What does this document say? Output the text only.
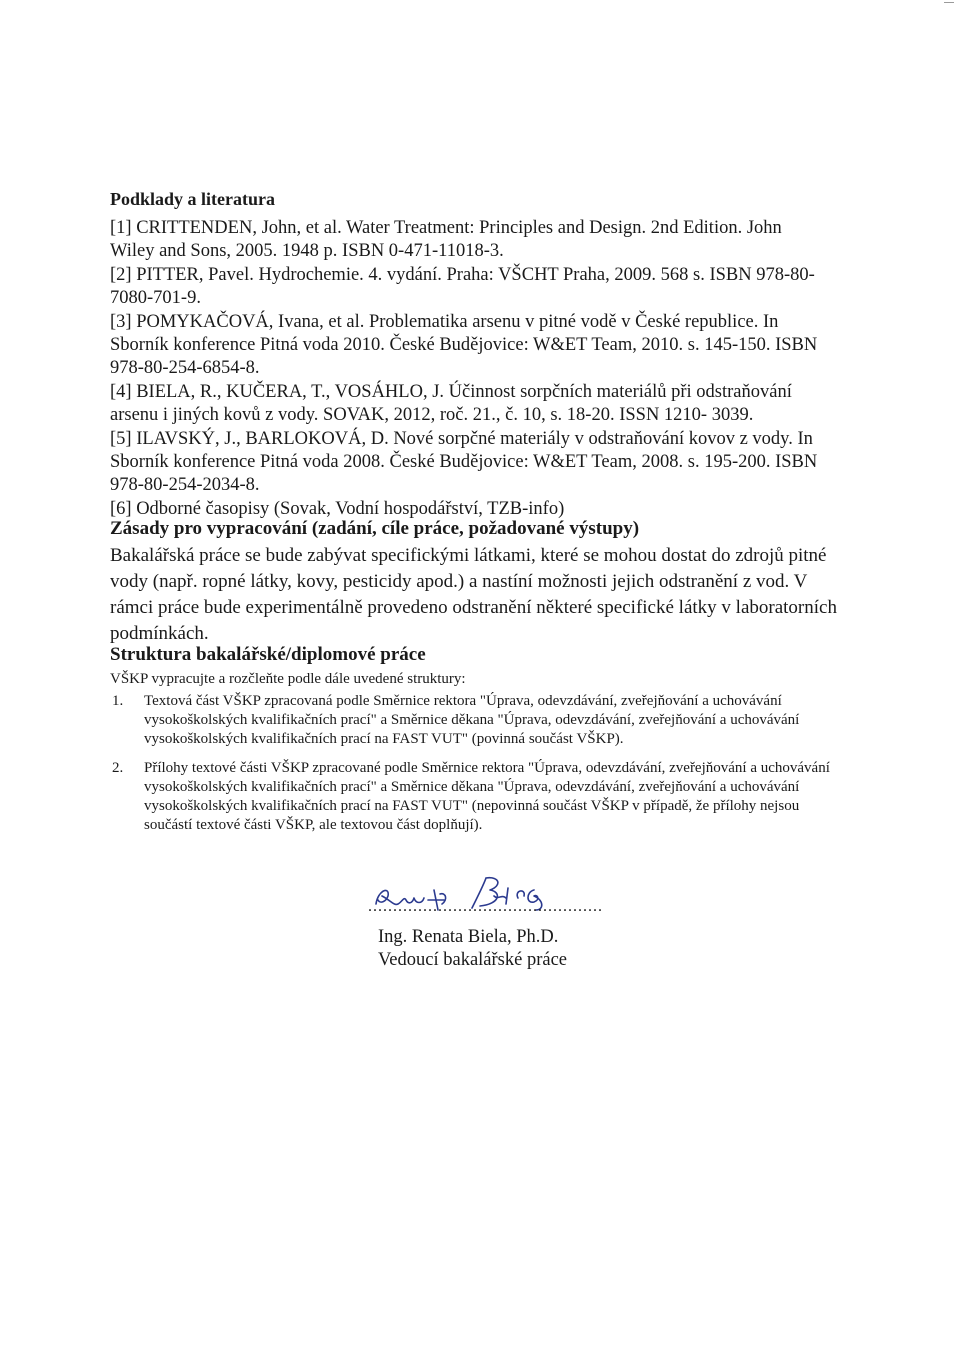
Podklady a literatura

[1] CRITTENDEN, John, et al. Water Treatment: Principles and Design. 2nd Edition. John Wiley and Sons, 2005. 1948 p. ISBN 0-471-11018-3.

[2] PITTER, Pavel. Hydrochemie. 4. vydání. Praha: VŠCHT Praha, 2009. 568 s. ISBN 978-80-7080-701-9.

[3] POMYKAČOVÁ, Ivana, et al. Problematika arsenu v pitné vodě v České republice. In Sborník konference Pitná voda 2010. České Budějovice: W&ET Team, 2010. s. 145-150. ISBN 978-80-254-6854-8.

[4] BIELA, R., KUČERA, T., VOSÁHLO, J. Účinnost sorpčních materiálů při odstraňování arsenu i jiných kovů z vody. SOVAK, 2012, roč. 21., č. 10, s. 18-20. ISSN 1210- 3039.

[5] ILAVSKÝ, J., BARLOKOVÁ, D. Nové sorpčné materiály v odstraňování kovov z vody. In Sborník konference Pitná voda 2008. České Budějovice: W&ET Team, 2008. s. 195-200. ISBN 978-80-254-2034-8.

[6] Odborné časopisy (Sovak, Vodní hospodářství, TZB-info)

Zásady pro vypracování (zadání, cíle práce, požadované výstupy)
Bakalářská práce se bude zabývat specifickými látkami, které se mohou dostat do zdrojů pitné vody (např. ropné látky, kovy, pesticidy apod.) a nastíní možnosti jejich odstranění z vod. V rámci práce bude experimentálně provedeno odstranění některé specifické látky v laboratorních podmínkách.
Struktura bakalářské/diplomové práce
VŠKP vypracujte a rozčleňte podle dále uvedené struktury:
1. Textová část VŠKP zpracovaná podle Směrnice rektora "Úprava, odevzdávání, zveřejňování a uchovávání vysokoškolských kvalifikačních prací" a Směrnice děkana "Úprava, odevzdávání, zveřejňování a uchovávání vysokoškolských kvalifikačních prací na FAST VUT" (povinná součást VŠKP).
2. Přílohy textové části VŠKP zpracované podle Směrnice rektora "Úprava, odevzdávání, zveřejňování a uchovávání vysokoškolských kvalifikačních prací" a Směrnice děkana "Úprava, odevzdávání, zveřejňování a uchovávání vysokoškolských kvalifikačních prací na FAST VUT" (nepovinná součást VŠKP v případě, že přílohy nejsou součástí textové části VŠKP, ale textovou část doplňují).
...............................................
Ing. Renata Biela, Ph.D.
Vedoucí bakalářské práce
